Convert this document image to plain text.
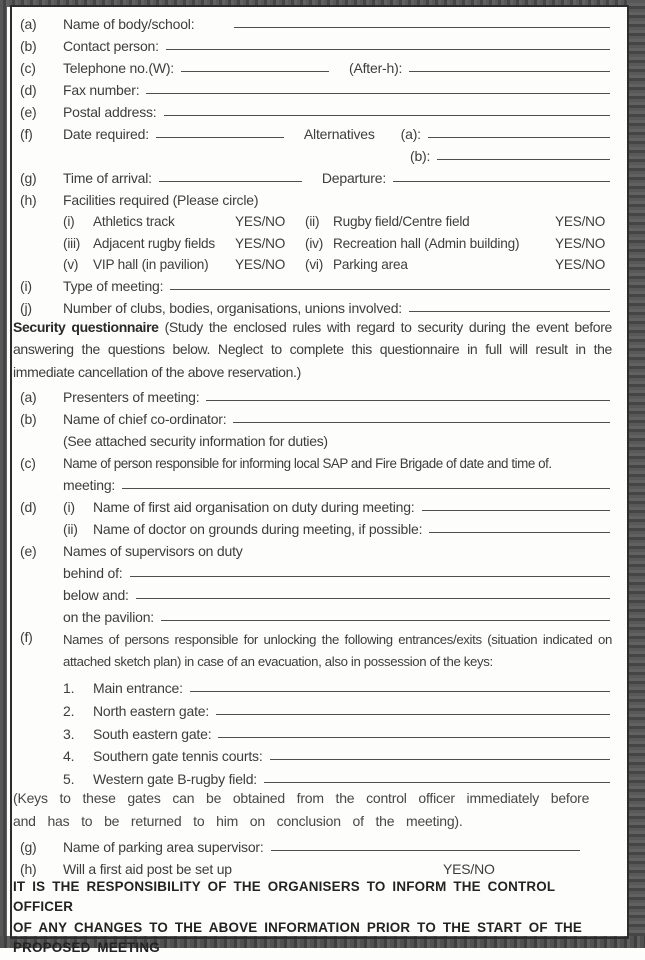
(a)	Name of body/school:
(b)	Contact person:
(c)	Telephone no.(W):	(After-h):
(d)	Fax number:
(e)	Postal address:
(f)	Date required:	Alternatives (a):
(b):
(g)	Time of arrival:	Departure:
(h)	Facilities required (Please circle)
(i)	Athletics track	YES/NO	(ii)	Rugby field/Centre field	YES/NO
(iii) Adjacent rugby fields	YES/NO	(iv) Recreation hall (Admin building)	YES/NO
(v)	VIP hall (in pavilion)	YES/NO	(vi) Parking area	YES/NO
(i)	Type of meeting:
(j)	Number of clubs, bodies, organisations, unions involved:
Security questionnaire (Study the enclosed rules with regard to security during the event before answering the questions below. Neglect to complete this questionnaire in full will result in the immediate cancellation of the above reservation.)
(a)	Presenters of meeting:
(b)	Name of chief co-ordinator:
(See attached security information for duties)
(c)	Name of person responsible for informing local SAP and Fire Brigade of date and time of.
meeting:
(d)	(i)	Name of first aid organisation on duty during meeting:
(ii)	Name of doctor on grounds during meeting, if possible:
(e)	Names of supervisors on duty
behind of:
below and:
on the pavilion:
(f)	Names of persons responsible for unlocking the following entrances/exits (situation indicated on attached sketch plan) in case of an evacuation, also in possession of the keys:
1.	Main entrance:
2.	North eastern gate:
3.	South eastern gate:
4.	Southern gate tennis courts:
5.	Western gate B-rugby field:
(Keys to these gates can be obtained from the control officer immediately before
and has to be returned to him on conclusion of the meeting).
(g)	Name of parking area supervisor:
(h)	Will a first aid post be set up	YES/NO
IT IS THE RESPONSIBILITY OF THE ORGANISERS TO INFORM THE CONTROL OFFICER
OF ANY CHANGES TO THE ABOVE INFORMATION PRIOR TO THE START OF THE
PROPOSED MEETING
